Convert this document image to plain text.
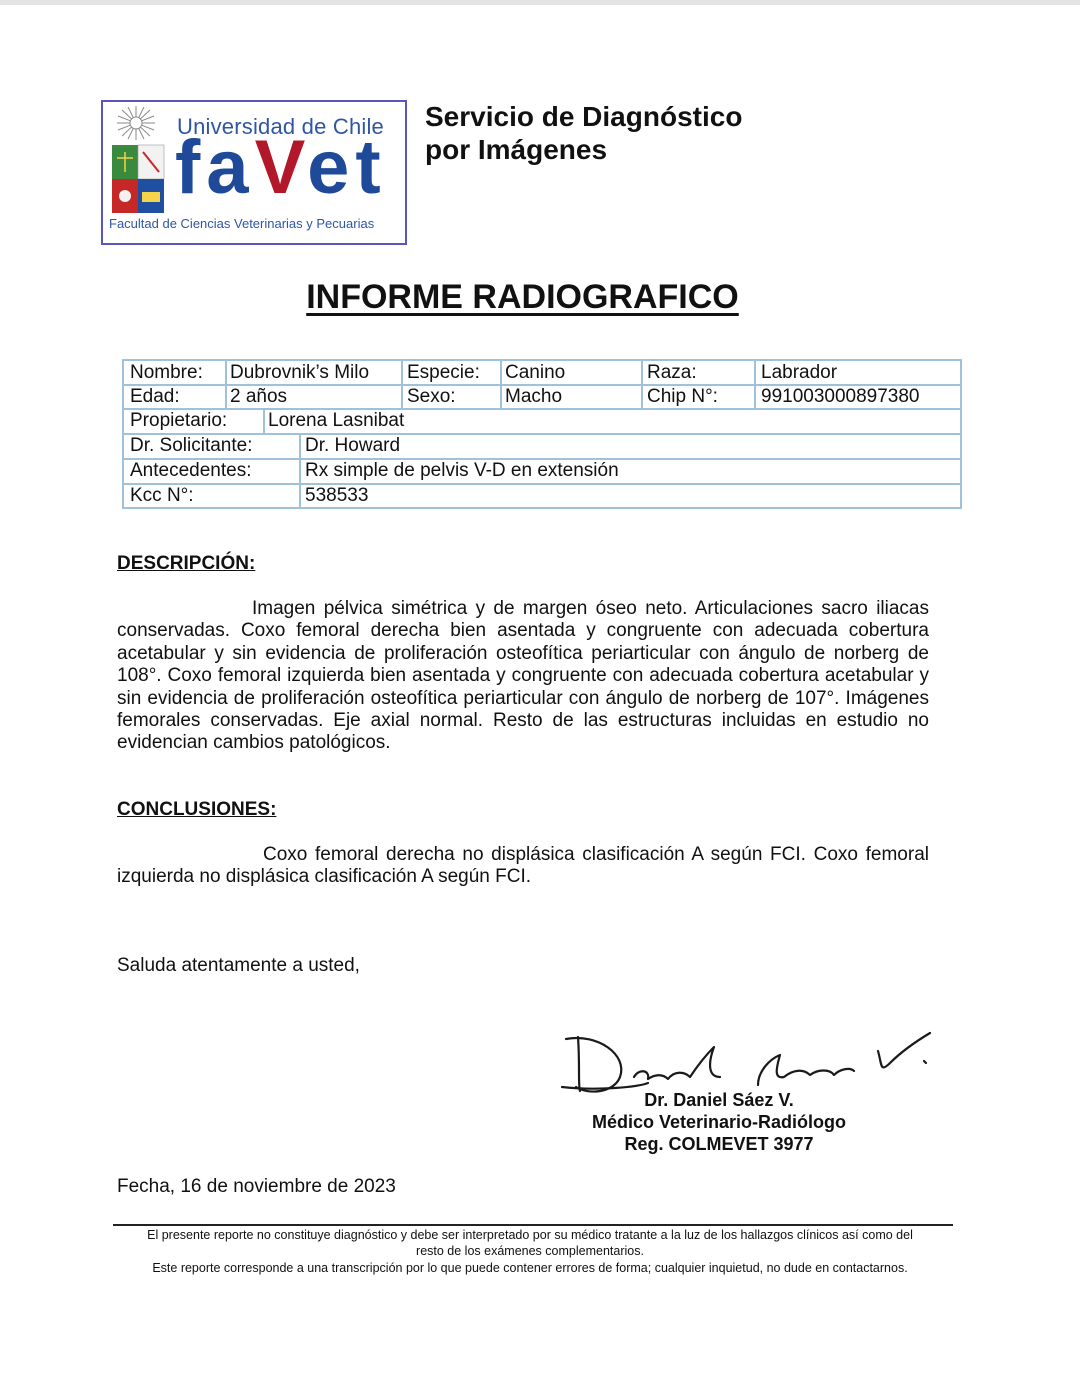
Universidad de Chile
faVet
Facultad de Ciencias Veterinarias y Pecuarias
Servicio de Diagnóstico
por Imágenes
INFORME RADIOGRAFICO
Nombre: Dubrovnik’s Milo Especie: Canino	Raza:	Labrador
Edad:	2 años	Sexo:	Macho	Chip N°: 991003000897380
Propietario: Lorena Lasnibat
Dr. Solicitante:	Dr. Howard
Antecedentes:	Rx simple de pelvis V-D en extensión
Kcc N°:	538533
DESCRIPCIÓN:
Imagen pélvica simétrica y de margen óseo neto. Articulaciones sacro iliacas conservadas. Coxo femoral derecha bien asentada y congruente con adecuada cobertura acetabular y sin evidencia de proliferación osteofítica periarticular con ángulo de norberg de 108°. Coxo femoral izquierda bien asentada y congruente con adecuada cobertura acetabular y sin evidencia de proliferación osteofítica periarticular con ángulo de norberg de 107°. Imágenes femorales conservadas. Eje axial normal. Resto de las estructuras incluidas en estudio no evidencian cambios patológicos.
CONCLUSIONES:
Coxo femoral derecha no displásica clasificación A según FCI. Coxo femoral izquierda no displásica clasificación A según FCI.
Saluda atentamente a usted,
Dr. Daniel Sáez V.
Médico Veterinario-Radiólogo
Reg. COLMEVET 3977
Fecha, 16 de noviembre de 2023
El presente reporte no constituye diagnóstico y debe ser interpretado por su médico tratante a la luz de los hallazgos clínicos así como del
resto de los exámenes complementarios.
Este reporte corresponde a una transcripción por lo que puede contener errores de forma; cualquier inquietud, no dude en contactarnos.
